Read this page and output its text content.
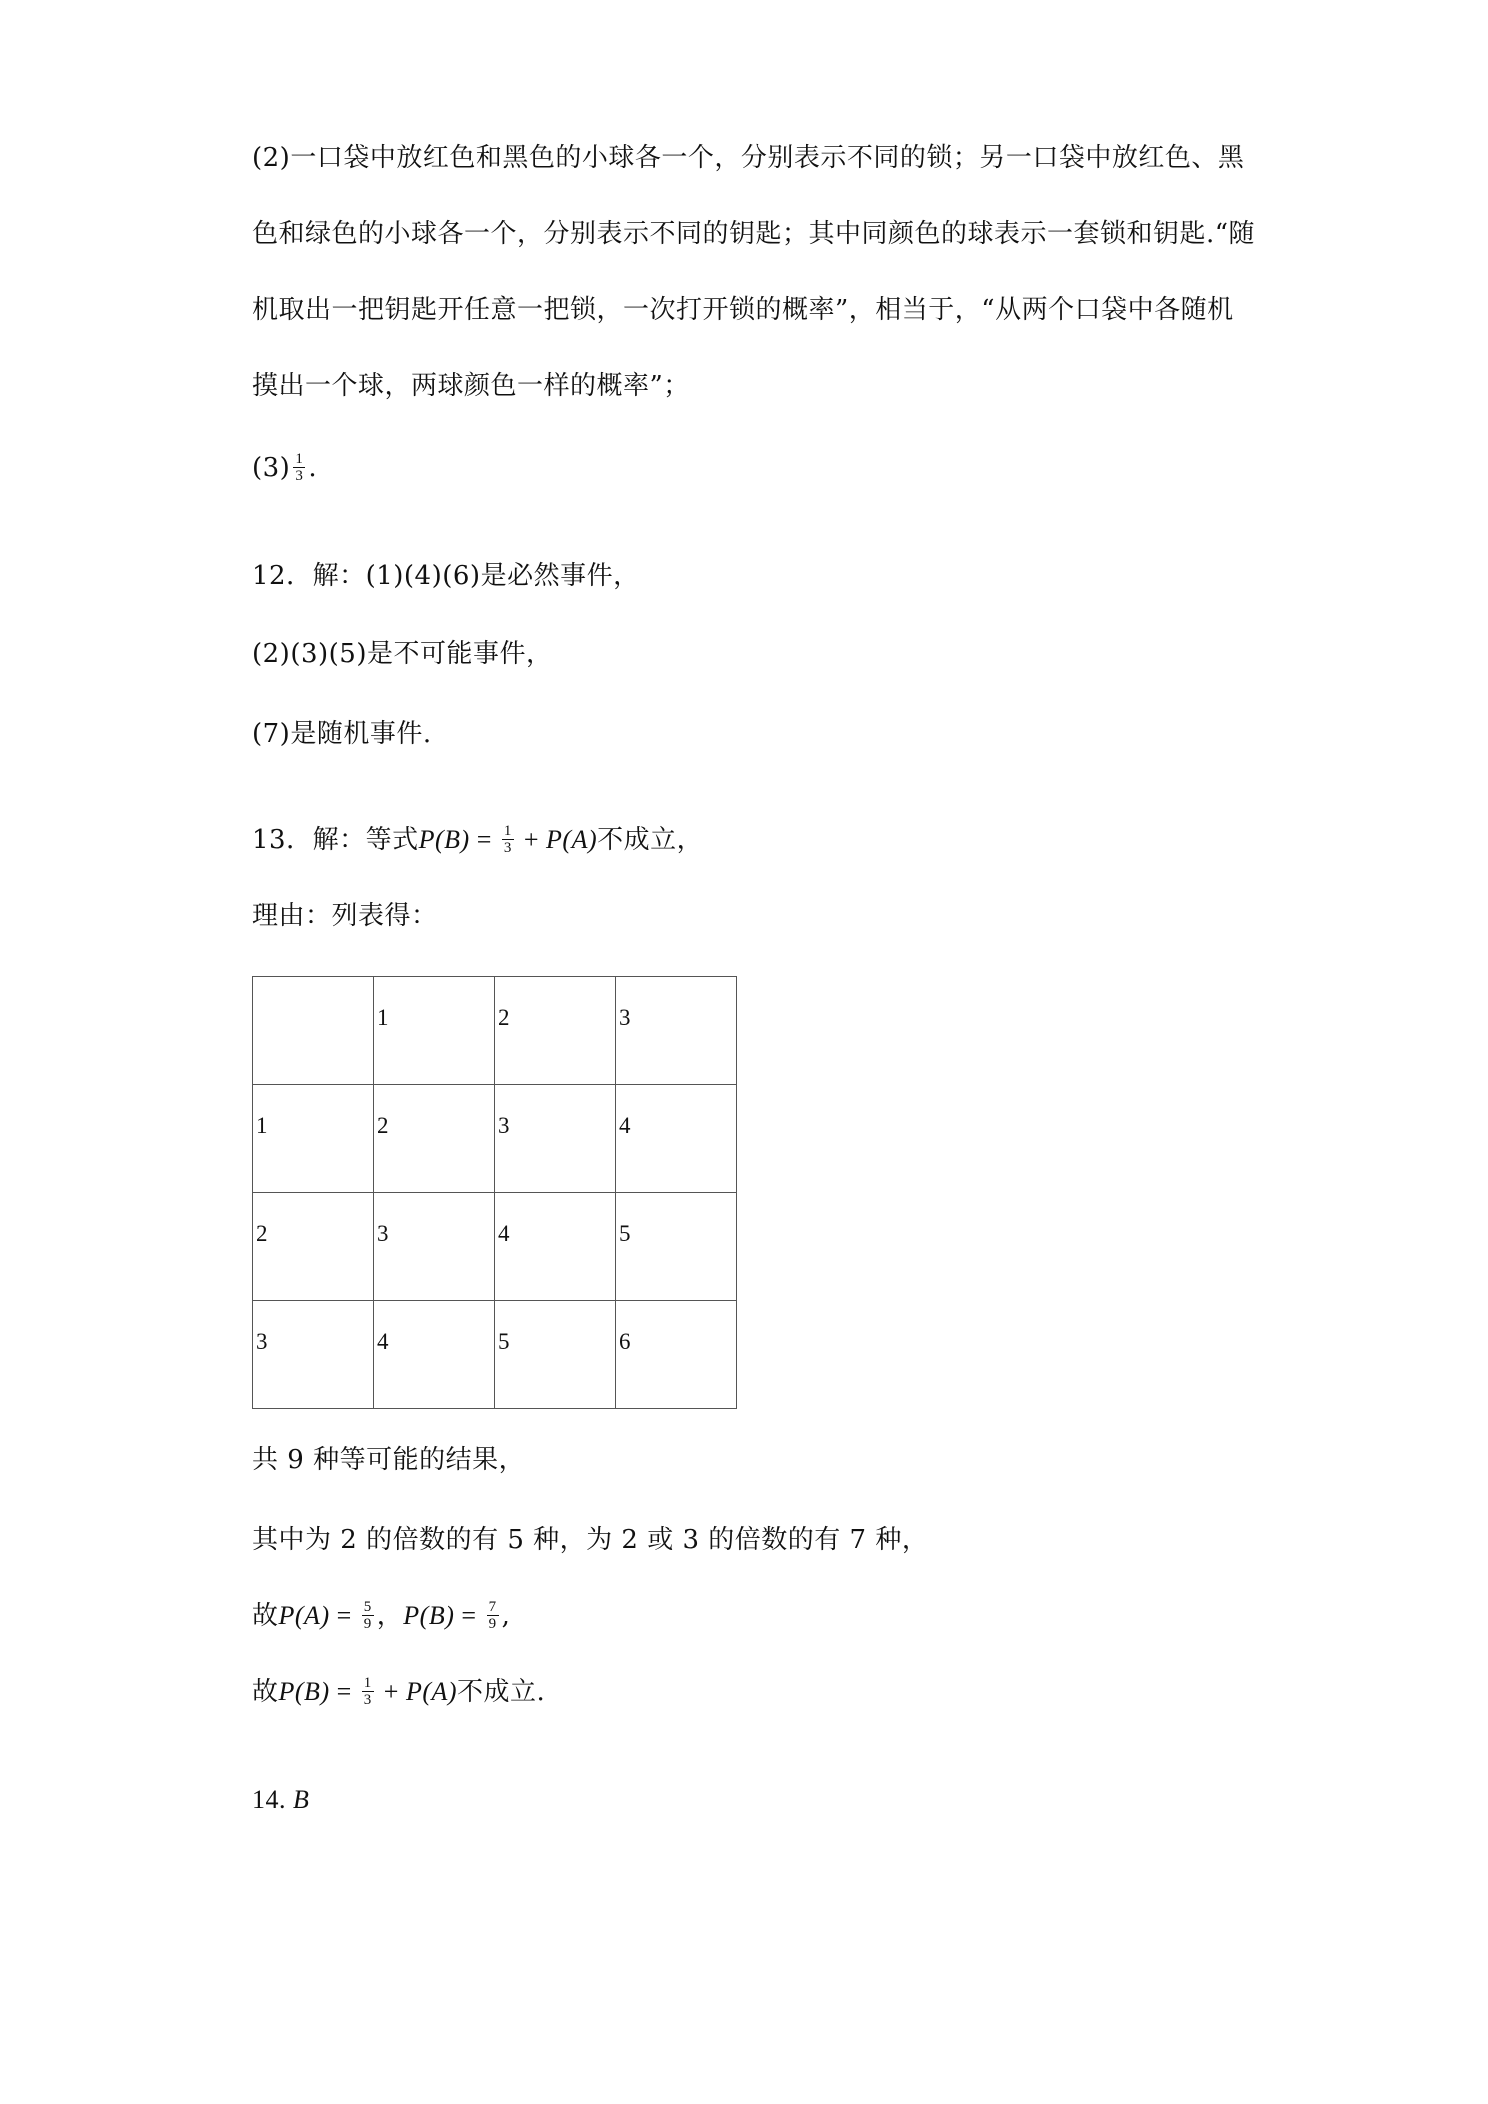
(2)一口袋中放红色和黑色的小球各一个，分别表示不同的锁；另一口袋中放红色、黑
色和绿色的小球各一个，分别表示不同的钥匙；其中同颜色的球表示一套锁和钥匙.“随
机取出一把钥匙开任意一把锁，一次打开锁的概率”，相当于，“从两个口袋中各随机
摸出一个球，两球颜色一样的概率”；
$(3) \frac{1}{3}$ .
12．解：(1)(4)(6)是必然事件，
(2)(3)(5)是不可能事件，
(7)是随机事件.
13．解：等式$P(B) = \frac{1}{3} + P(A)$不成立，
理由：列表得：
	1	2	3
1	2	3	4
2	3	4	5
3	4	5	6
共 9 种等可能的结果，
其中为 2 的倍数的有 5 种，为 2 或 3 的倍数的有 7 种，
故$P(A) = \frac{5}{9}$ ，$P(B) = \frac{7}{9}$ ,
故$P(B) = \frac{1}{3} + P(A)$不成立.
14. B
